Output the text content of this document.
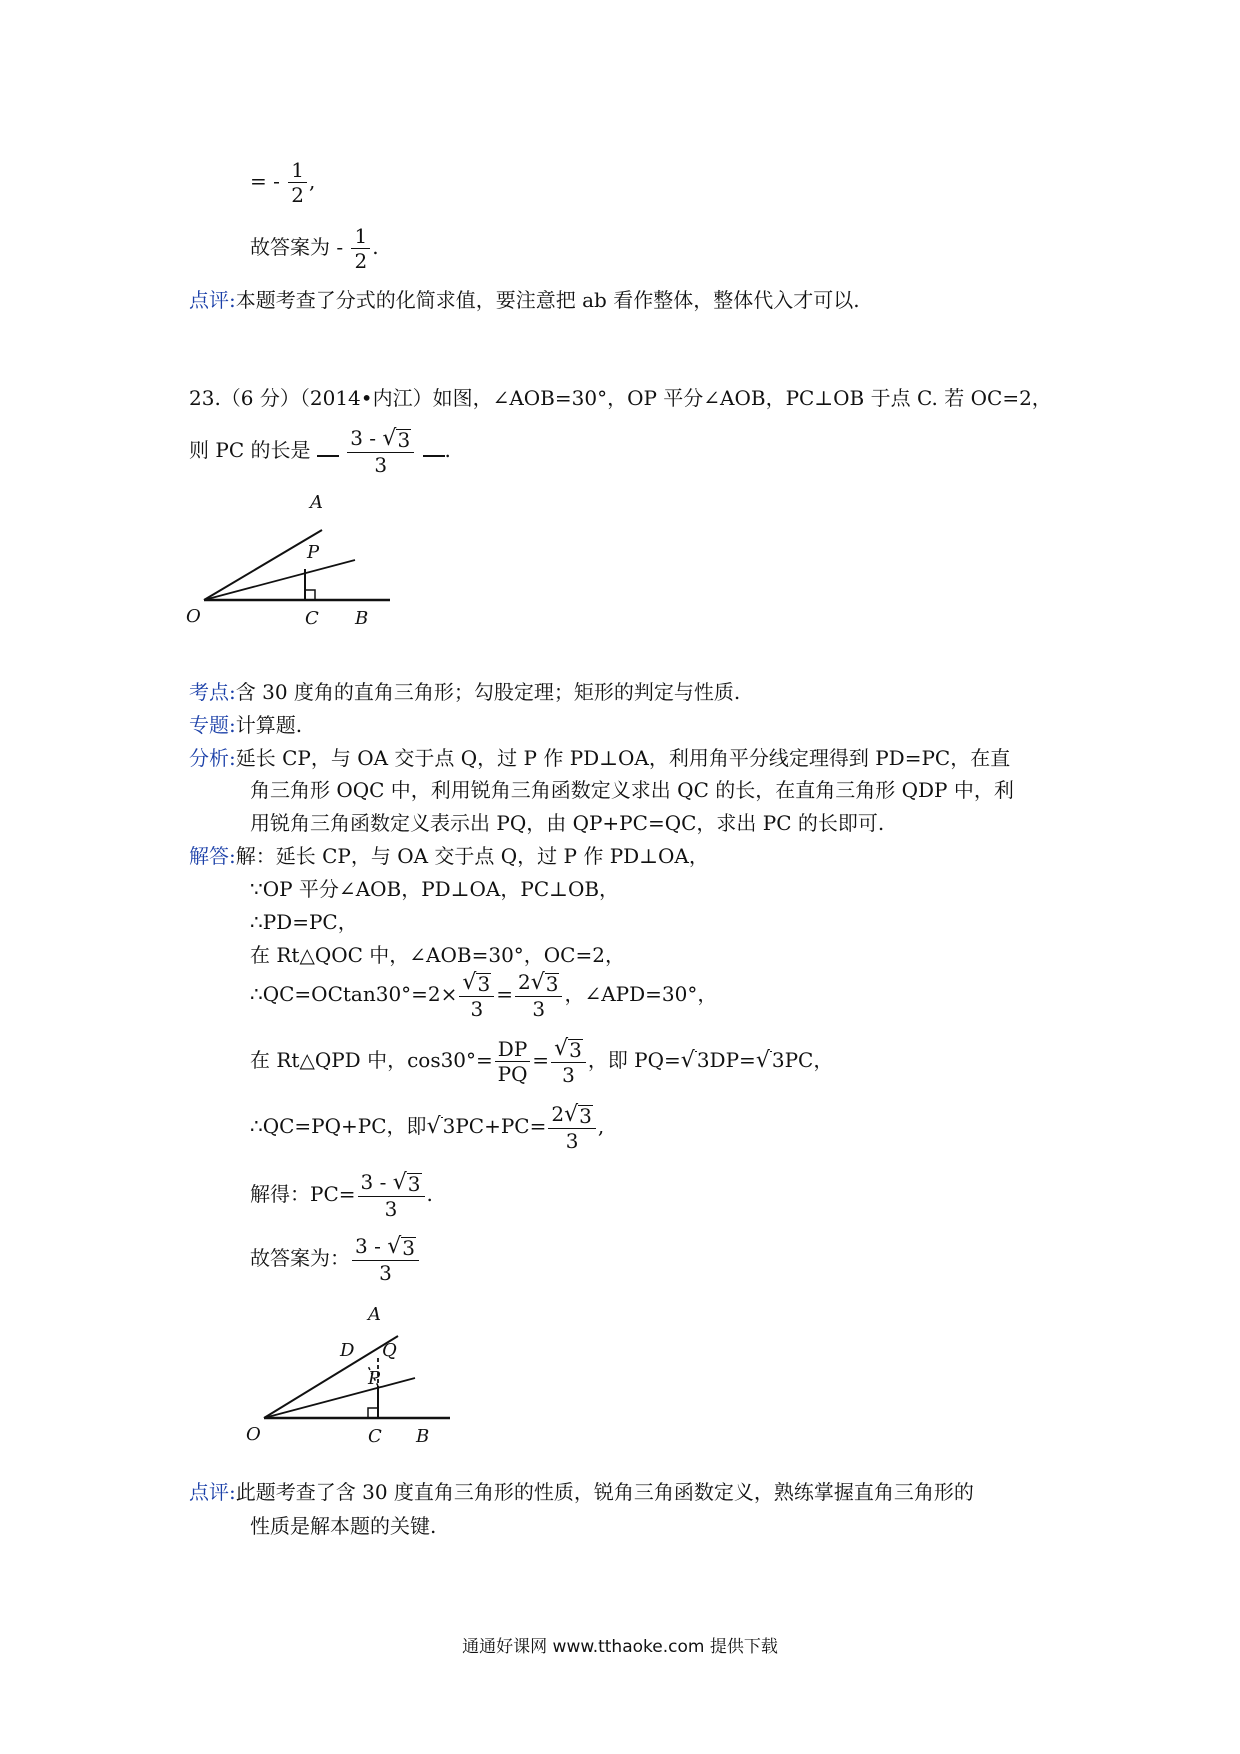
= - $\frac{1}{2}$ ,
故答案为 - $\frac{1}{2}$ .
点评:本题考查了分式的化简求值，要注意把 ab 看作整体，整体代入才可以.
23.（6 分）（2014•内江）如图，∠AOB=30°，OP 平分∠AOB，PC⊥OB 于点 C. 若 OC=2，
则 PC 的长是 $\frac{3 - √ 3}{3}$ .
A
P
O	C B
考点:含 30 度角的直角三角形；勾股定理；矩形的判定与性质.
专题:计算题.
分析:延长 CP，与 OA 交于点 Q，过 P 作 PD⊥OA，利用角平分线定理得到 PD=PC，在直
角三角形 OQC 中，利用锐角三角函数定义求出 QC 的长，在直角三角形 QDP 中，利
用锐角三角函数定义表示出 PQ，由 QP+PC=QC，求出 PC 的长即可.
解答:解：延长 CP，与 OA 交于点 Q，过 P 作 PD⊥OA，
∵OP 平分∠AOB，PD⊥OA，PC⊥OB，
∴PD=PC，
在 Rt△QOC 中，∠AOB=30°，OC=2，
∴QC=OCtan30°=2× $\frac{√ 3}{3} = \frac{2 √ 3}{3}$ ，∠APD=30°，
在 Rt△QPD 中，$\cos 30^\circ= \frac{DP}{PQ} = \frac{√ 3}{3}$ ，即 PQ= √ 3DP= √ 3PC，
∴QC=PQ+PC，即 √ $3PC+PC= \frac{2 √ 3}{3}$ ,
解得：$PC= \frac{3 - √ 3}{3}$ .
故答案为： $\frac{3 - √ 3}{3}$
A
D Q
P
O	C B
点评:此题考查了含 30 度直角三角形的性质，锐角三角函数定义，熟练掌握直角三角形的
性质是解本题的关键.
通通好课网 www.tthaoke.com 提供下载
